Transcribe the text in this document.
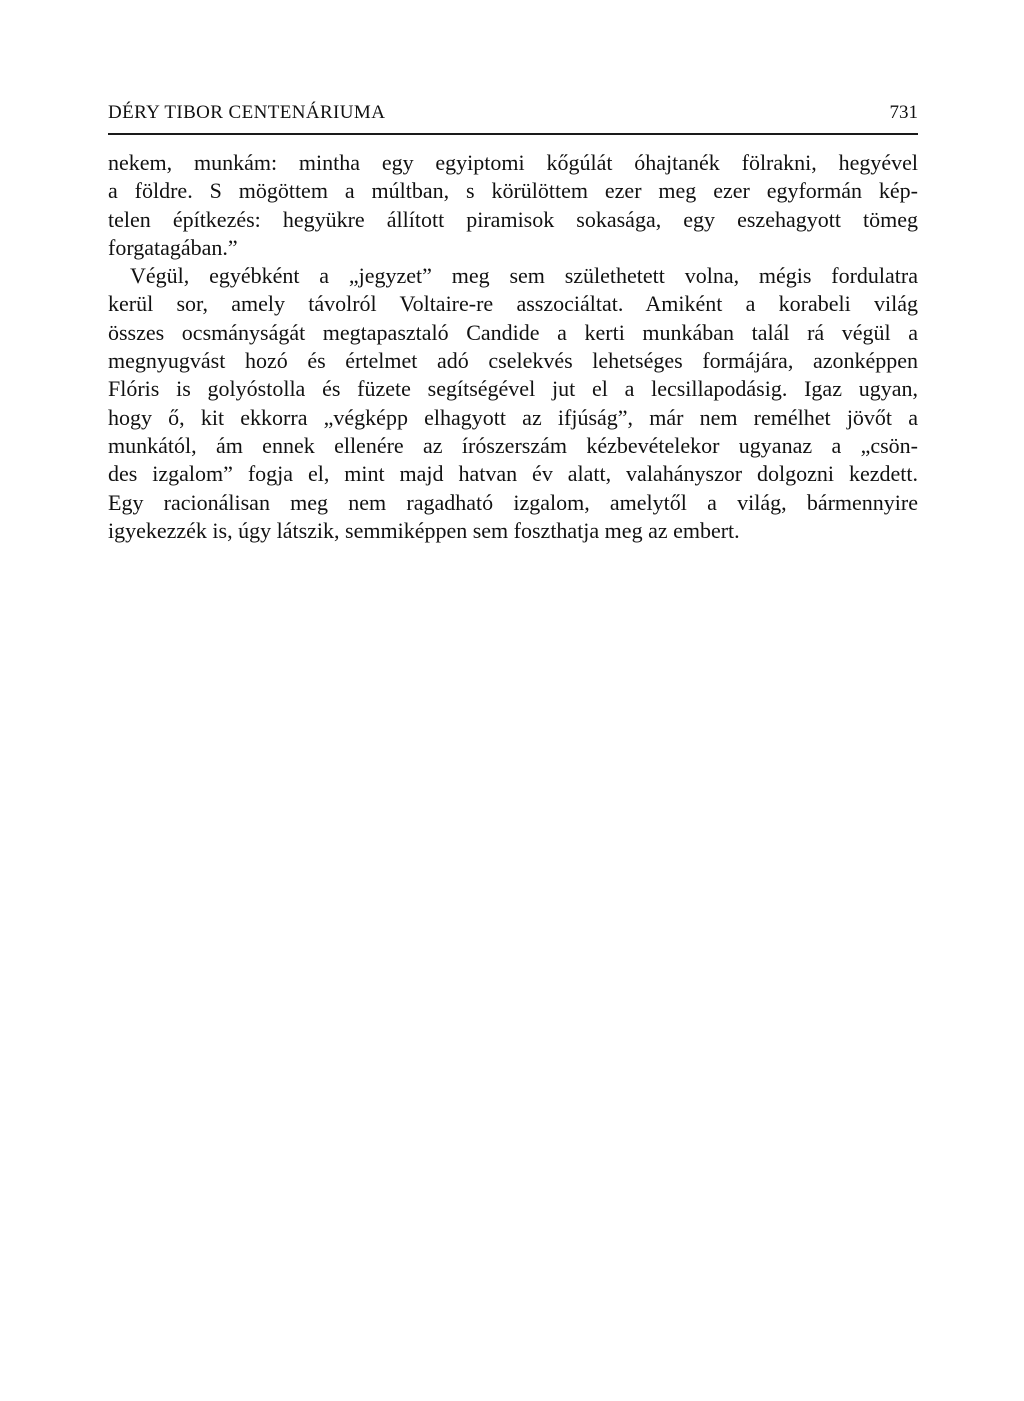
DÉRY TIBOR CENTENÁRIUMA	731
nekem, munkám: mintha egy egyiptomi kőgúlát óhajtanék fölrakni, hegyével
a földre. S mögöttem a múltban, s körülöttem ezer meg ezer egyformán kép-
telen építkezés: hegyükre állított piramisok sokasága, egy eszehagyott tömeg
forgatagában.”
Végül, egyébként a „jegyzet” meg sem születhetett volna, mégis fordulatra
kerül sor, amely távolról Voltaire-re asszociáltat. Amiként a korabeli világ
összes ocsmányságát megtapasztaló Candide a kerti munkában talál rá végül a
megnyugvást hozó és értelmet adó cselekvés lehetséges formájára, azonképpen
Flóris is golyóstolla és füzete segítségével jut el a lecsillapodásig. Igaz ugyan,
hogy ő, kit ekkorra „végképp elhagyott az ifjúság”, már nem remélhet jövőt a
munkától, ám ennek ellenére az írószerszám kézbevételekor ugyanaz a „csön-
des izgalom” fogja el, mint majd hatvan év alatt, valahányszor dolgozni kezdett.
Egy racionálisan meg nem ragadható izgalom, amelytől a világ, bármennyire
igyekezzék is, úgy látszik, semmiképpen sem foszthatja meg az embert.
